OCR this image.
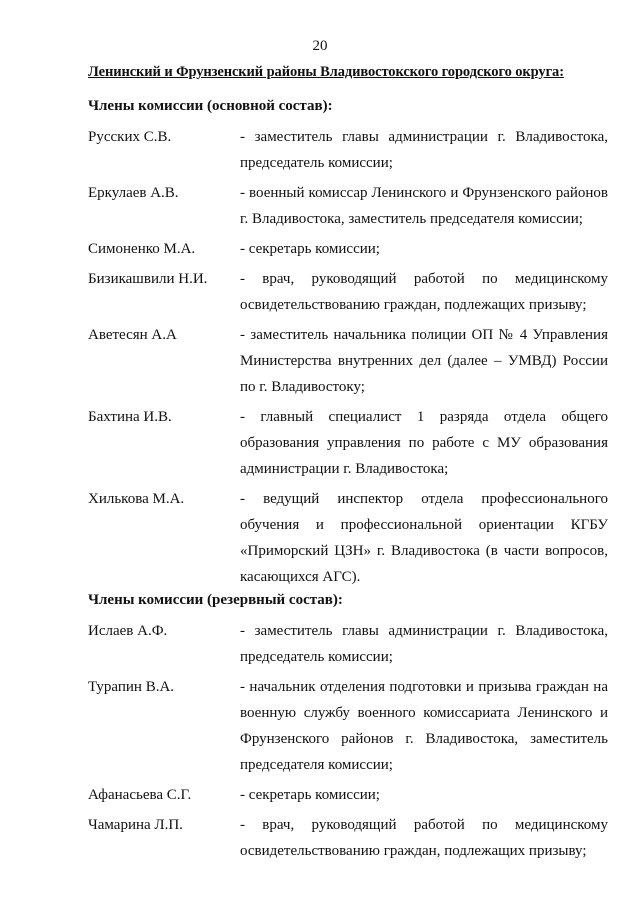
20
Ленинский и Фрунзенский районы Владивостокского городского округа:
Члены комиссии (основной состав):
Русских С.В.	- заместитель главы администрации г. Владивостока, председатель комиссии;
Еркулаев А.В.	- военный комиссар Ленинского и Фрунзенского районов г. Владивостока, заместитель председателя комиссии;
Симоненко М.А.	- секретарь комиссии;
Бизикашвили Н.И.	- врач, руководящий работой по медицинскому освидетельствованию граждан, подлежащих призыву;
Аветесян А.А	- заместитель начальника полиции ОП № 4 Управления Министерства внутренних дел (далее – УМВД) России по г. Владивостоку;
Бахтина И.В.	- главный специалист 1 разряда отдела общего образования управления по работе с МУ образования администрации г. Владивостока;
Хилькова М.А.	- ведущий инспектор отдела профессионального обучения и профессиональной ориентации КГБУ «Приморский ЦЗН» г. Владивостока (в части вопросов, касающихся АГС).
Члены комиссии (резервный состав):
Ислаев А.Ф.	- заместитель главы администрации г. Владивостока, председатель комиссии;
Турапин В.А.	- начальник отделения подготовки и призыва граждан на военную службу военного комиссариата Ленинского и Фрунзенского районов г. Владивостока, заместитель председателя комиссии;
Афанасьева С.Г.	- секретарь комиссии;
Чамарина Л.П.	- врач, руководящий работой по медицинскому освидетельствованию граждан, подлежащих призыву;
